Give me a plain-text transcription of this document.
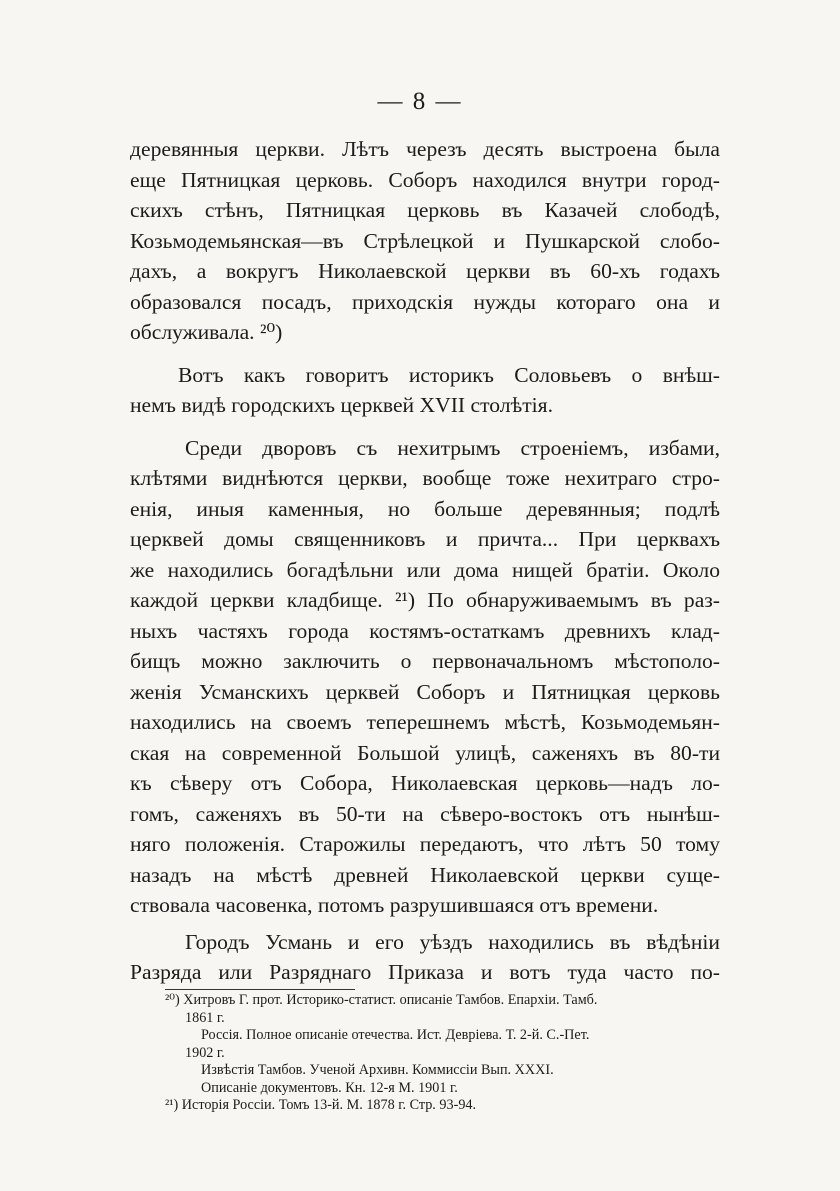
— 8 —
деревянныя церкви. Лѣтъ черезъ десять выстроена была
еще Пятницкая церковь. Соборъ находился внутри город-
скихъ стѣнъ, Пятницкая церковь въ Казачей слободѣ,
Козьмодемьянская—въ Стрѣлецкой и Пушкарской слобо-
дахъ, а вокругъ Николаевской церкви въ 60-хъ годахъ
образовался посадъ, приходскія нужды котораго она и
обслуживала. ²⁰)
Вотъ какъ говоритъ историкъ Соловьевъ о внѣш-
немъ видѣ городскихъ церквей XVII столѣтія.
Среди дворовъ съ нехитрымъ строеніемъ, избами,
клѣтями виднѣются церкви, вообще тоже нехитраго стро-
енія, иныя каменныя, но больше деревянныя; подлѣ
церквей домы священниковъ и причта... При церквахъ
же находились богадѣльни или дома нищей братіи. Около
каждой церкви кладбище. ²¹) По обнаруживаемымъ въ раз-
ныхъ частяхъ города костямъ-остаткамъ древнихъ клад-
бищъ можно заключить о первоначальномъ мѣстополо-
женія Усманскихъ церквей Соборъ и Пятницкая церковь
находились на своемъ теперешнемъ мѣстѣ, Козьмодемьян-
ская на современной Большой улицѣ, саженяхъ въ 80-ти
къ сѣверу отъ Собора, Николаевская церковь—надъ ло-
гомъ, саженяхъ въ 50-ти на сѣверо-востокъ отъ нынѣш-
няго положенія. Старожилы передаютъ, что лѣтъ 50 тому
назадъ на мѣстѣ древней Николаевской церкви суще-
ствовала часовенка, потомъ разрушившаяся отъ времени.
Городъ Усмань и его уѣздъ находились въ вѣдѣніи
Разряда или Разряднаго Приказа и вотъ туда часто по-
²⁰) Хитровъ Г. прот. Историко-статист. описаніе Тамбов. Епархіи. Тамб.
1861 г.
Россія. Полное описаніе отечества. Ист. Девріева. Т. 2-й. С.-Пет.
1902 г.
Извѣстія Тамбов. Ученой Архивн. Коммиссіи Вып. XXXI.
Описаніе документовъ. Кн. 12-я М. 1901 г.
²¹) Исторія Россіи. Томъ 13-й. М. 1878 г. Стр. 93-94.
